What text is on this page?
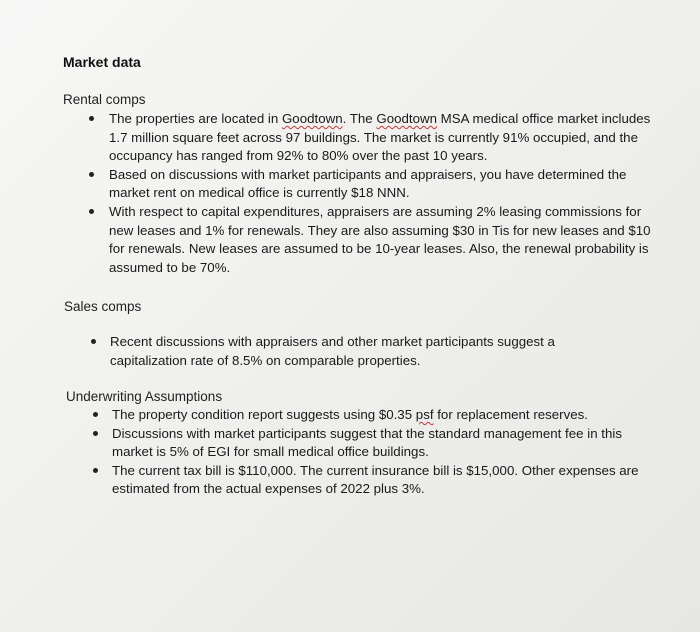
Market data
Rental comps
The properties are located in Goodtown. The Goodtown MSA medical office market includes 1.7 million square feet across 97 buildings. The market is currently 91% occupied, and the occupancy has ranged from 92% to 80% over the past 10 years.
Based on discussions with market participants and appraisers, you have determined the market rent on medical office is currently $18 NNN.
With respect to capital expenditures, appraisers are assuming 2% leasing commissions for new leases and 1% for renewals. They are also assuming $30 in Tis for new leases and $10 for renewals. New leases are assumed to be 10-year leases. Also, the renewal probability is assumed to be 70%.
Sales comps
Recent discussions with appraisers and other market participants suggest a capitalization rate of 8.5% on comparable properties.
Underwriting Assumptions
The property condition report suggests using $0.35 psf for replacement reserves.
Discussions with market participants suggest that the standard management fee in this market is 5% of EGI for small medical office buildings.
The current tax bill is $110,000. The current insurance bill is $15,000. Other expenses are estimated from the actual expenses of 2022 plus 3%.
